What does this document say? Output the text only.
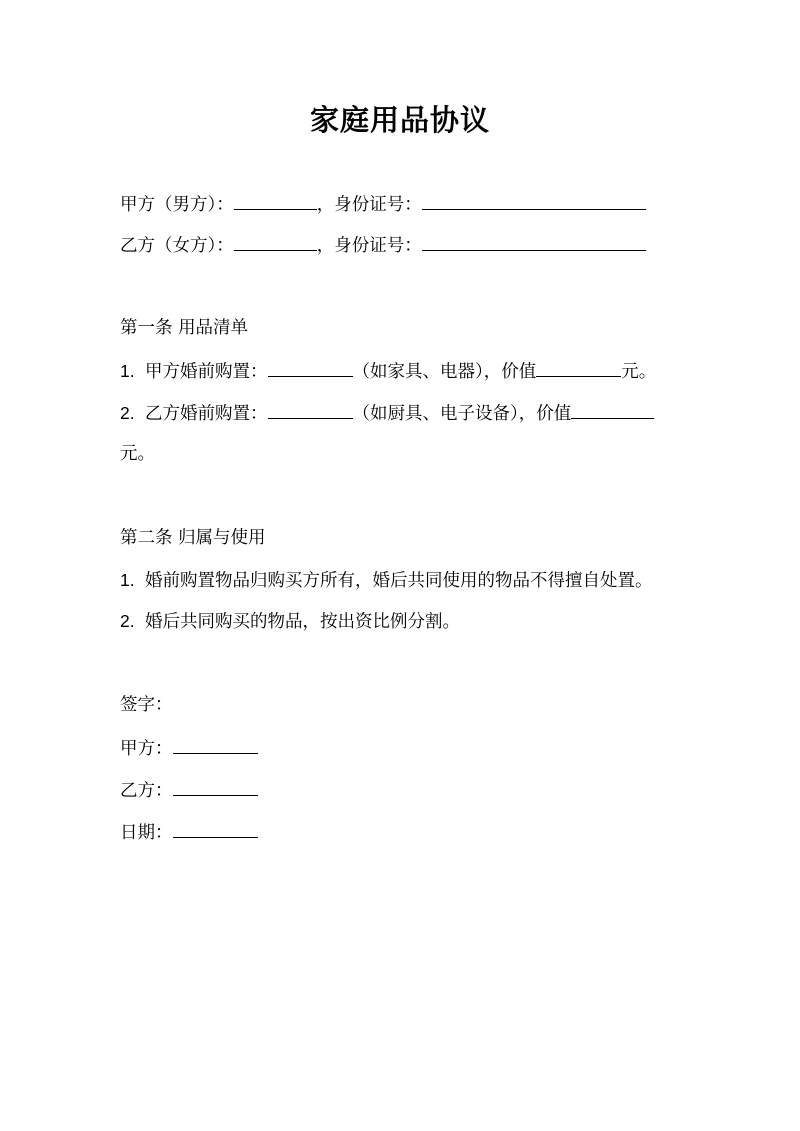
家庭用品协议
甲方（男方）：	，身份证号：
乙方（女方）：	，身份证号：
第一条 用品清单
1. 甲方婚前购置：	（如家具、电器），价值	元。
2. 乙方婚前购置：	（如厨具、电子设备），价值
元。
第二条 归属与使用
1. 婚前购置物品归购买方所有，婚后共同使用的物品不得擅自处置。
2. 婚后共同购买的物品，按出资比例分割。
签字：
甲方：
乙方：
日期：
